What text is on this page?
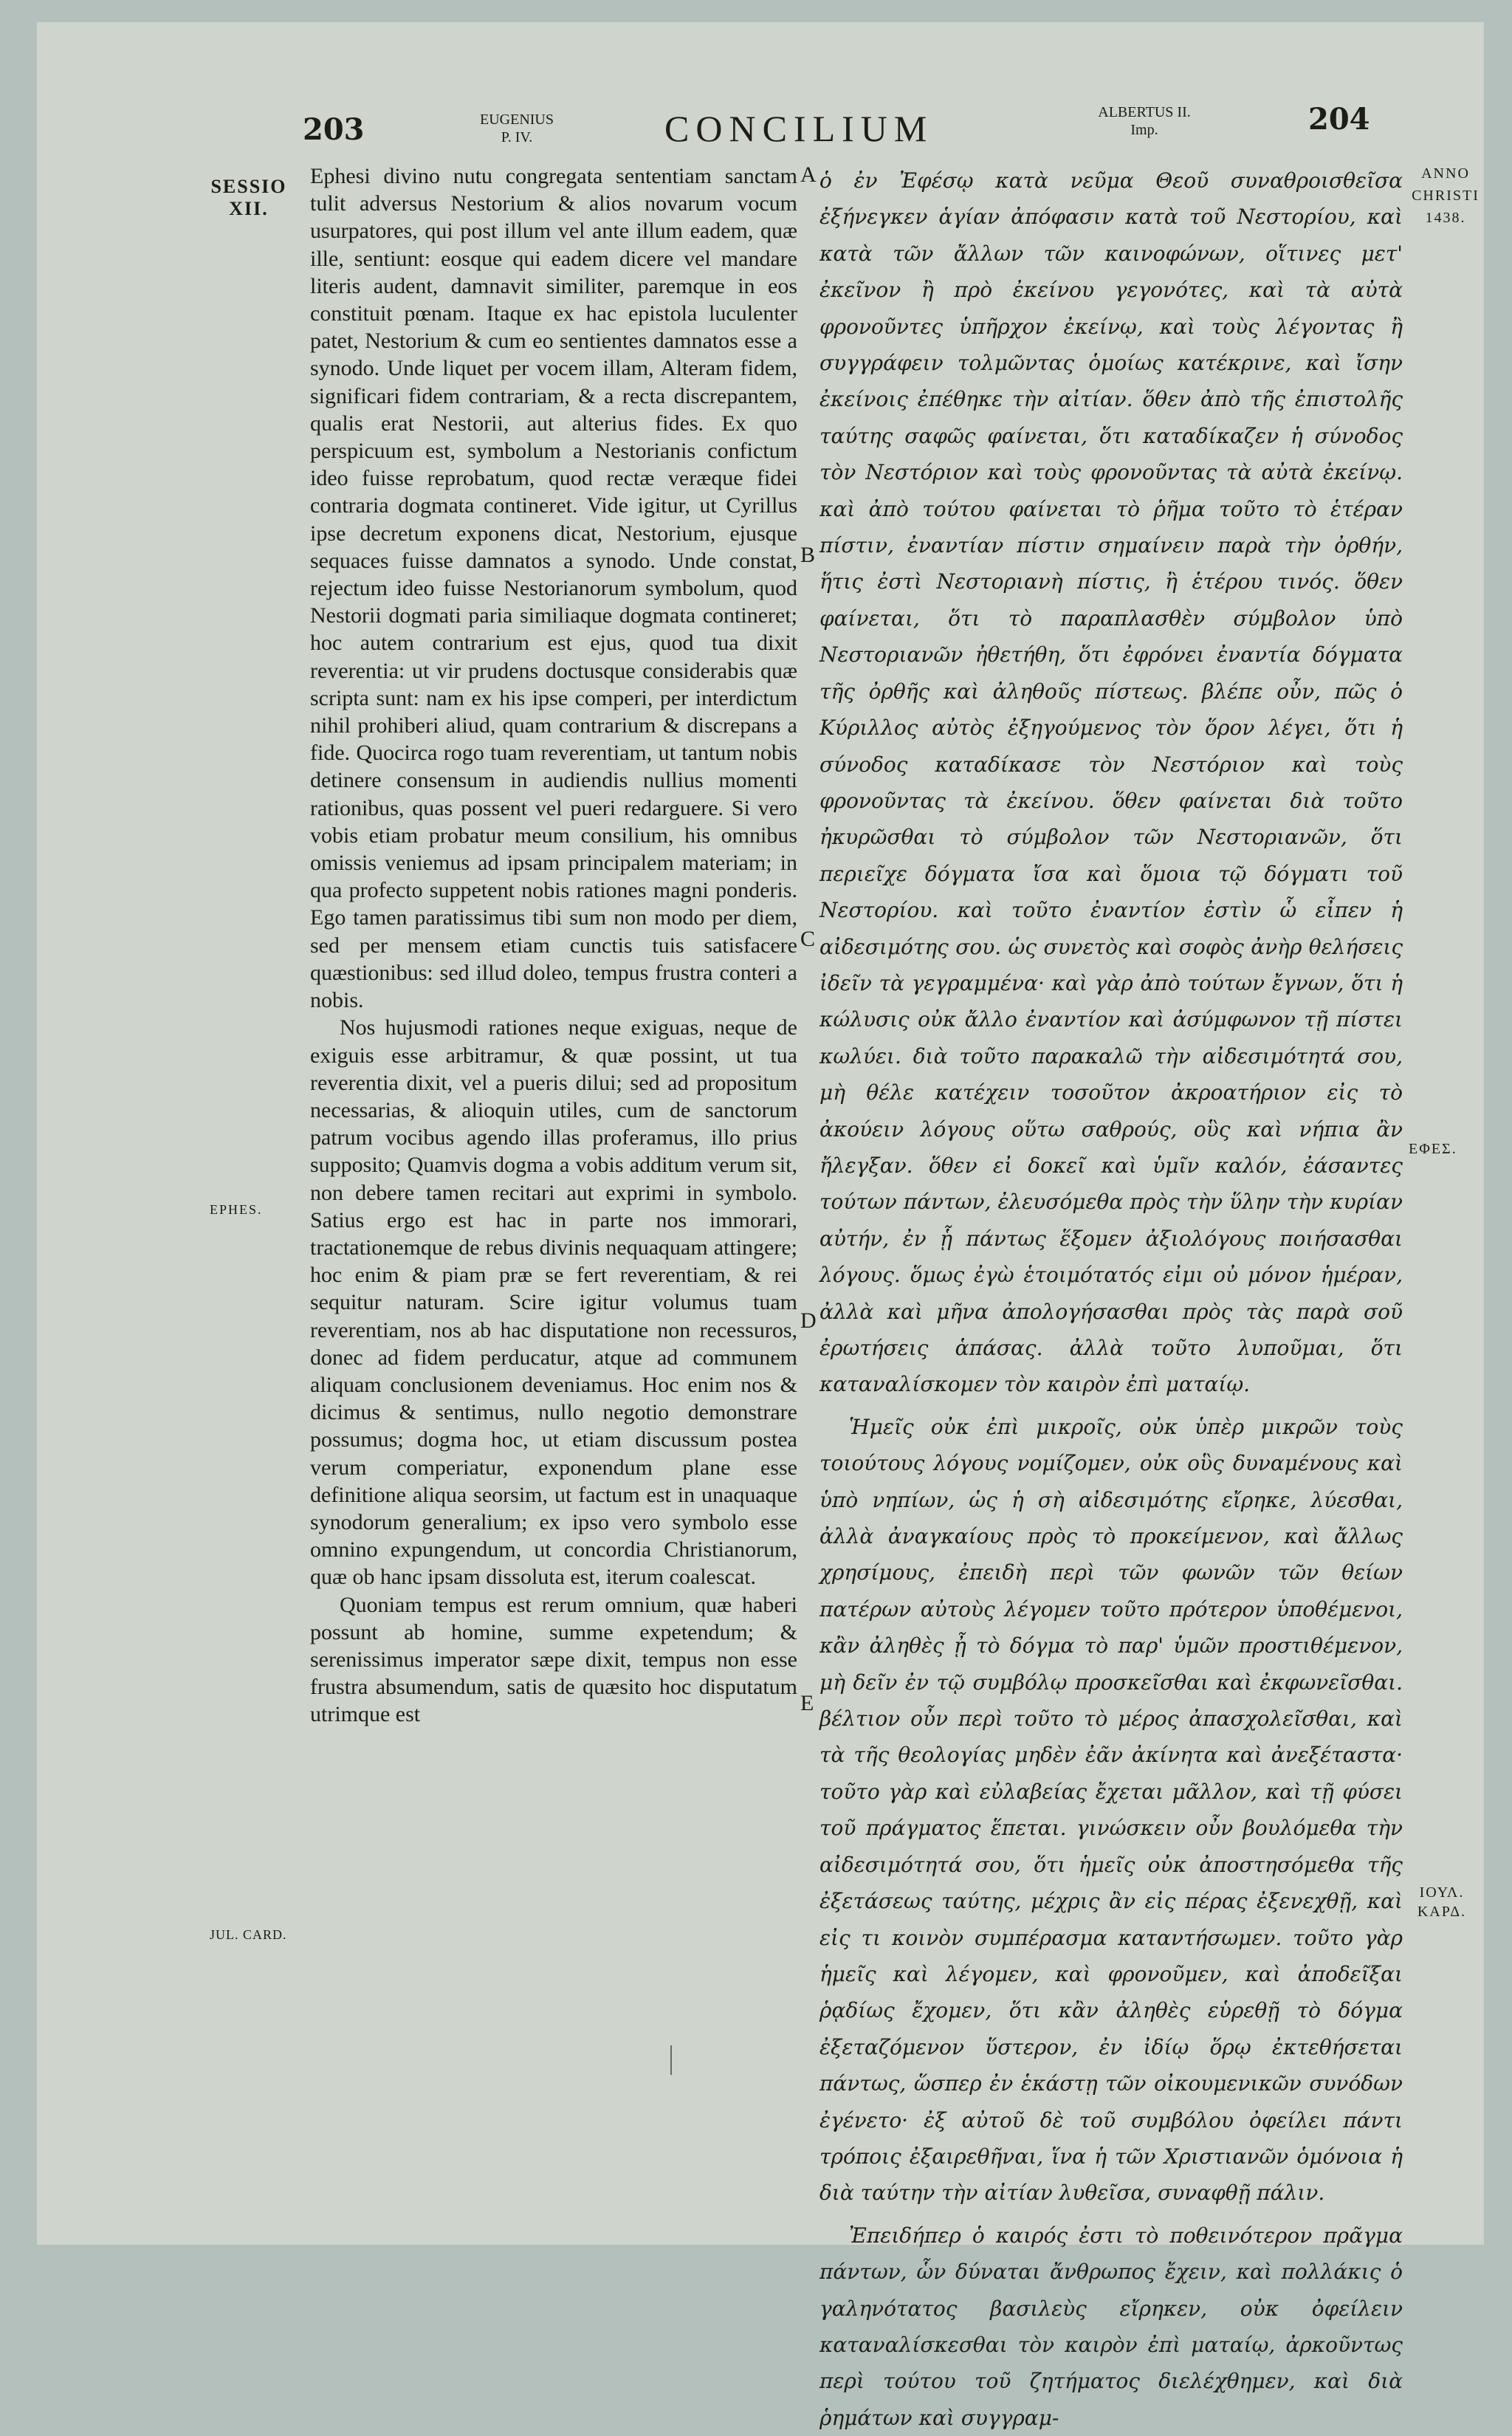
203	EUGENIUS
P. IV.	CONCILIUM	ALBERTUS II.
Imp.	204
SESSIO
XII.
EPHES.
JUL. CARD.
ANNO
CHRISTI
1438.
ΕΦΕΣ.
ΙΟΥΛ.
ΚΑΡΔ.

Ephesi divino nutu congregata sententiam sanctam tulit adversus Nestorium & alios novarum vocum usurpatores, qui post illum vel ante illum eadem, quæ ille, sentiunt: eosque qui eadem dicere vel mandare literis audent, damnavit similiter, paremque in eos constituit pœnam. Itaque ex hac epistola luculenter patet, Nestorium & cum eo sentientes damnatos esse a synodo. Unde liquet per vocem illam, Alteram fidem, significari fidem contrariam, & a recta discrepantem, qualis erat Nestorii, aut alterius fides. Ex quo perspicuum est, symbolum a Nestorianis confictum ideo fuisse reprobatum, quod rectæ veræque fidei contraria dogmata contineret. Vide igitur, ut Cyrillus ipse decretum exponens dicat, Nestorium, ejusque sequaces fuisse damnatos a synodo. Unde constat, rejectum ideo fuisse Nestorianorum symbolum, quod Nestorii dogmati paria similiaque dogmata contineret; hoc autem contrarium est ejus, quod tua dixit reverentia: ut vir prudens doctusque considerabis quæ scripta sunt: nam ex his ipse comperi, per interdictum nihil prohiberi aliud, quam contrarium & discrepans a fide. Quocirca rogo tuam reverentiam, ut tantum nobis detinere consensum in audiendis nullius momenti rationibus, quas possent vel pueri redarguere. Si vero vobis etiam probatur meum consilium, his omnibus omissis veniemus ad ipsam principalem materiam; in qua profecto suppetent nobis rationes magni ponderis. Ego tamen paratissimus tibi sum non modo per diem, sed per mensem etiam cunctis tuis satisfacere quæstionibus: sed illud doleo, tempus frustra conteri a nobis.

Nos hujusmodi rationes neque exiguas, neque de exiguis esse arbitramur, & quæ possint, ut tua reverentia dixit, vel a pueris dilui; sed ad propositum necessarias, & alioquin utiles, cum de sanctorum patrum vocibus agendo illas proferamus, illo prius supposito; Quamvis dogma a vobis additum verum sit, non debere tamen recitari aut exprimi in symbolo. Satius ergo est hac in parte nos immorari, tractationemque de rebus divinis nequaquam attingere; hoc enim & piam præ se fert reverentiam, & rei sequitur naturam. Scire igitur volumus tuam reverentiam, nos ab hac disputatione non recessuros, donec ad fidem perducatur, atque ad communem aliquam conclusionem deveniamus. Hoc enim nos & dicimus & sentimus, nullo negotio demonstrare possumus; dogma hoc, ut etiam discussum postea verum comperiatur, exponendum plane esse definitione aliqua seorsim, ut factum est in unaquaque synodorum generalium; ex ipso vero symbolo esse omnino expungendum, ut concordia Christianorum, quæ ob hanc ipsam dissoluta est, iterum coalescat.

Quoniam tempus est rerum omnium, quæ haberi possunt ab homine, summe expetendum; & serenissimus imperator sæpe dixit, tempus non esse frustra absumendum, satis de quæsito hoc disputatum utrimque est

A
B
C
D
E

ὁ ἐν Ἐφέσῳ κατὰ νεῦμα Θεοῦ συναθροισθεῖσα ἐξήνεγκεν ἁγίαν ἀπόφασιν κατὰ τοῦ Νεστορίου, καὶ κατὰ τῶν ἄλλων τῶν καινοφώνων, οἵτινες μετ' ἐκεῖνον ἢ πρὸ ἐκείνου γεγονότες, καὶ τὰ αὐτὰ φρονοῦντες ὑπῆρχον ἐκείνῳ, καὶ τοὺς λέγοντας ἢ συγγράφειν τολμῶντας ὁμοίως κατέκρινε, καὶ ἴσην ἐκείνοις ἐπέθηκε τὴν αἰτίαν. ὅθεν ἀπὸ τῆς ἐπιστολῆς ταύτης σαφῶς φαίνεται, ὅτι καταδίκαζεν ἡ σύνοδος τὸν Νεστόριον καὶ τοὺς φρονοῦντας τὰ αὐτὰ ἐκείνῳ. καὶ ἀπὸ τούτου φαίνεται τὸ ῥῆμα τοῦτο τὸ ἑτέραν πίστιν, ἐναντίαν πίστιν σημαίνειν παρὰ τὴν ὀρθήν, ἥτις ἐστὶ Νεστοριανὴ πίστις, ἢ ἑτέρου τινός. ὅθεν φαίνεται, ὅτι τὸ παραπλασθὲν σύμβολον ὑπὸ Νεστοριανῶν ἠθετήθη, ὅτι ἐφρόνει ἐναντία δόγματα τῆς ὀρθῆς καὶ ἀληθοῦς πίστεως. βλέπε οὖν, πῶς ὁ Κύριλλος αὐτὸς ἐξηγούμενος τὸν ὅρον λέγει, ὅτι ἡ σύνοδος καταδίκασε τὸν Νεστόριον καὶ τοὺς φρονοῦντας τὰ ἐκείνου. ὅθεν φαίνεται διὰ τοῦτο ἠκυρῶσθαι τὸ σύμβολον τῶν Νεστοριανῶν, ὅτι περιεῖχε δόγματα ἴσα καὶ ὅμοια τῷ δόγματι τοῦ Νεστορίου. καὶ τοῦτο ἐναντίον ἐστὶν ὧ εἶπεν ἡ αἰδεσιμότης σου. ὡς συνετὸς καὶ σοφὸς ἀνὴρ θελήσεις ἰδεῖν τὰ γεγραμμένα· καὶ γὰρ ἀπὸ τούτων ἔγνων, ὅτι ἡ κώλυσις οὐκ ἄλλο ἐναντίον καὶ ἀσύμφωνον τῇ πίστει κωλύει. διὰ τοῦτο παρακαλῶ τὴν αἰδεσιμότητά σου, μὴ θέλε κατέχειν τοσοῦτον ἀκροατήριον εἰς τὸ ἀκούειν λόγους οὕτω σαθρούς, οὓς καὶ νήπια ἂν ἤλεγξαν. ὅθεν εἰ δοκεῖ καὶ ὑμῖν καλόν, ἐάσαντες τούτων πάντων, ἐλευσόμεθα πρὸς τὴν ὕλην τὴν κυρίαν αὐτήν, ἐν ᾗ πάντως ἕξομεν ἀξιολόγους ποιήσασθαι λόγους. ὅμως ἐγὼ ἑτοιμότατός εἰμι οὐ μόνον ἡμέραν, ἀλλὰ καὶ μῆνα ἀπολογήσασθαι πρὸς τὰς παρὰ σοῦ ἐρωτήσεις ἁπάσας. ἀλλὰ τοῦτο λυποῦμαι, ὅτι καταναλίσκομεν τὸν καιρὸν ἐπὶ ματαίῳ.

Ἡμεῖς οὐκ ἐπὶ μικροῖς, οὐκ ὑπὲρ μικρῶν τοὺς τοιούτους λόγους νομίζομεν, οὐκ οὓς δυναμένους καὶ ὑπὸ νηπίων, ὡς ἡ σὴ αἰδεσιμότης εἴρηκε, λύεσθαι, ἀλλὰ ἀναγκαίους πρὸς τὸ προκείμενον, καὶ ἄλλως χρησίμους, ἐπειδὴ περὶ τῶν φωνῶν τῶν θείων πατέρων αὐτοὺς λέγομεν τοῦτο πρότερον ὑποθέμενοι, κἂν ἀληθὲς ᾖ τὸ δόγμα τὸ παρ' ὑμῶν προστιθέμενον, μὴ δεῖν ἐν τῷ συμβόλῳ προσκεῖσθαι καὶ ἐκφωνεῖσθαι. βέλτιον οὖν περὶ τοῦτο τὸ μέρος ἀπασχολεῖσθαι, καὶ τὰ τῆς θεολογίας μηδὲν ἐᾶν ἀκίνητα καὶ ἀνεξέταστα· τοῦτο γὰρ καὶ εὐλαβείας ἔχεται μᾶλλον, καὶ τῇ φύσει τοῦ πράγματος ἕπεται. γινώσκειν οὖν βουλόμεθα τὴν αἰδεσιμότητά σου, ὅτι ἡμεῖς οὐκ ἀποστησόμεθα τῆς ἐξετάσεως ταύτης, μέχρις ἂν εἰς πέρας ἐξενεχθῇ, καὶ εἰς τι κοινὸν συμπέρασμα καταντήσωμεν. τοῦτο γὰρ ἡμεῖς καὶ λέγομεν, καὶ φρονοῦμεν, καὶ ἀποδεῖξαι ῥᾳδίως ἔχομεν, ὅτι κἂν ἀληθὲς εὑρεθῇ τὸ δόγμα ἐξεταζόμενον ὕστερον, ἐν ἰδίῳ ὅρῳ ἐκτεθήσεται πάντως, ὥσπερ ἐν ἑκάστῃ τῶν οἰκουμενικῶν συνόδων ἐγένετο· ἐξ αὐτοῦ δὲ τοῦ συμβόλου ὀφείλει πάντι τρόποις ἐξαιρεθῆναι, ἵνα ἡ τῶν Χριστιανῶν ὁμόνοια ἡ διὰ ταύτην τὴν αἰτίαν λυθεῖσα, συναφθῇ πάλιν.

Ἐπειδήπερ ὁ καιρός ἐστι τὸ ποθεινότερον πρᾶγμα πάντων, ὧν δύναται ἄνθρωπος ἔχειν, καὶ πολλάκις ὁ γαληνότατος βασιλεὺς εἴρηκεν, οὐκ ὀφείλειν καταναλίσκεσθαι τὸν καιρὸν ἐπὶ ματαίῳ, ἀρκοῦντως περὶ τούτου τοῦ ζητήματος διελέχθημεν, καὶ διὰ ῥημάτων καὶ συγγραμ-
